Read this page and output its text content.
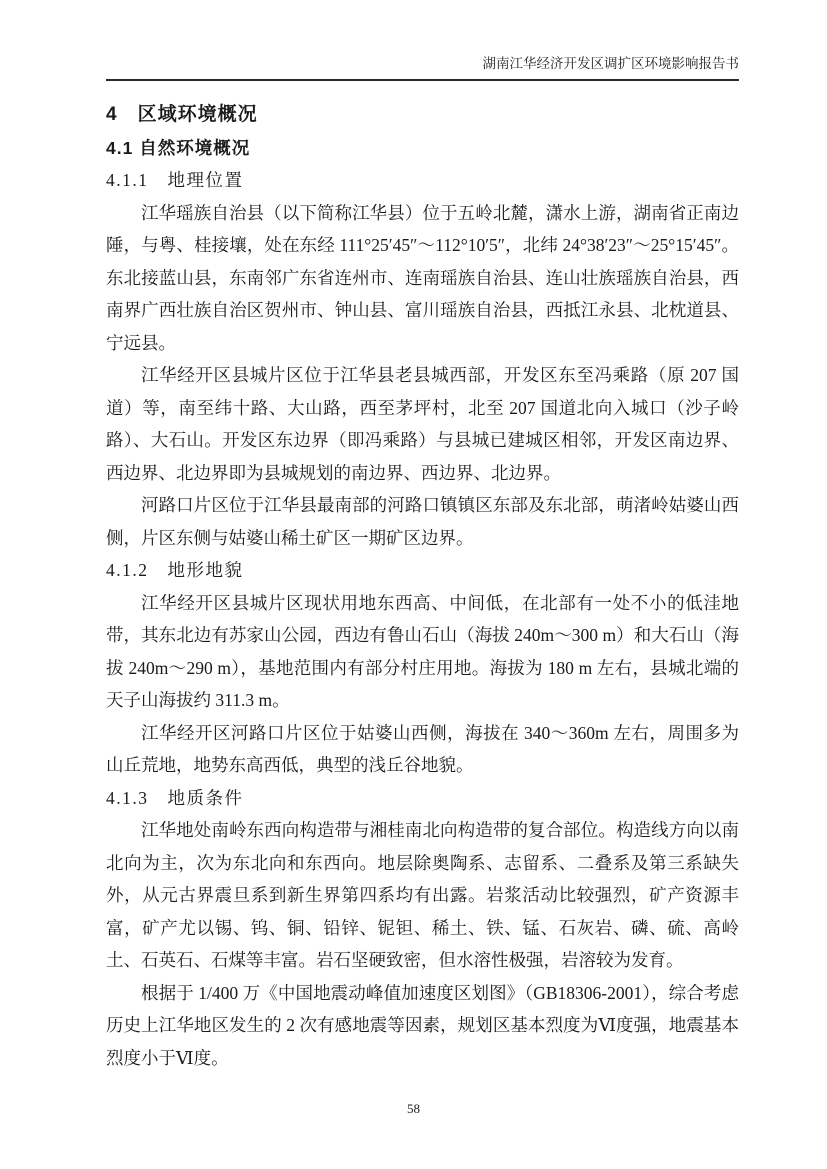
湖南江华经济开发区调扩区环境影响报告书
4　区域环境概况
4.1 自然环境概况
4.1.1　地理位置

江华瑶族自治县（以下简称江华县）位于五岭北麓，潇水上游，湖南省正南边陲，与粤、桂接壤，处在东经 111°25′45″～112°10′5″，北纬 24°38′23″～25°15′45″。东北接蓝山县，东南邻广东省连州市、连南瑶族自治县、连山壮族瑶族自治县，西南界广西壮族自治区贺州市、钟山县、富川瑶族自治县，西抵江永县、北枕道县、宁远县。

江华经开区县城片区位于江华县老县城西部，开发区东至冯乘路（原 207 国道）等，南至纬十路、大山路，西至茅坪村，北至 207 国道北向入城口（沙子岭路）、大石山。开发区东边界（即冯乘路）与县城已建城区相邻，开发区南边界、西边界、北边界即为县城规划的南边界、西边界、北边界。

河路口片区位于江华县最南部的河路口镇镇区东部及东北部，萌渚岭姑婆山西侧，片区东侧与姑婆山稀土矿区一期矿区边界。

4.1.2　地形地貌

江华经开区县城片区现状用地东西高、中间低，在北部有一处不小的低洼地带，其东北边有苏家山公园，西边有鲁山石山（海拔 240m～300 m）和大石山（海拔 240m～290 m），基地范围内有部分村庄用地。海拔为 180 m 左右，县城北端的天子山海拔约 311.3 m。

江华经开区河路口片区位于姑婆山西侧，海拔在 340～360m 左右，周围多为山丘荒地，地势东高西低，典型的浅丘谷地貌。

4.1.3　地质条件

江华地处南岭东西向构造带与湘桂南北向构造带的复合部位。构造线方向以南北向为主，次为东北向和东西向。地层除奥陶系、志留系、二叠系及第三系缺失外，从元古界震旦系到新生界第四系均有出露。岩浆活动比较强烈，矿产资源丰富，矿产尤以锡、钨、铜、铅锌、铌钽、稀土、铁、锰、石灰岩、磷、硫、高岭土、石英石、石煤等丰富。岩石坚硬致密，但水溶性极强，岩溶较为发育。

根据于 1/400 万《中国地震动峰值加速度区划图》（GB18306-2001），综合考虑历史上江华地区发生的 2 次有感地震等因素，规划区基本烈度为Ⅵ度强，地震基本烈度小于Ⅵ度。

58
